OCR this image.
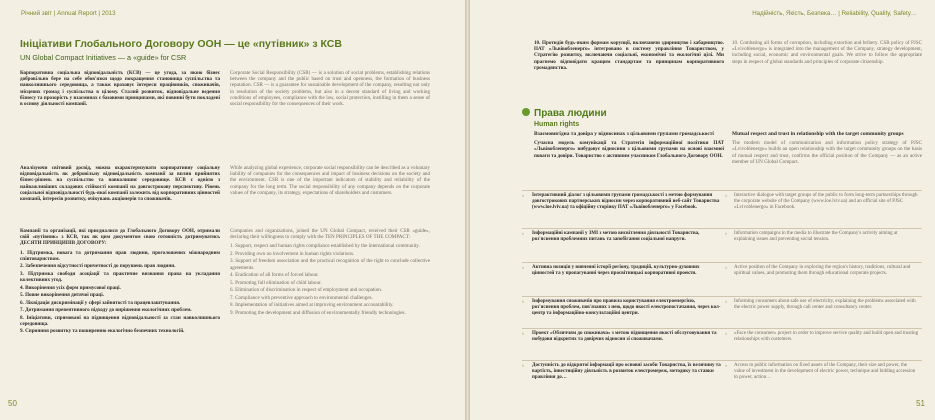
Річний звіт | Annual Report | 2013
Ініціативи Глобального Договору ООН — це «путівник» з КСВ
UN Global Compact Initiatives — a «guide» for CSR

Корпоративна соціальна відповідальність (КСВ) — це угода, за якою бізнес добровільно бере на себе обов'язки щодо покращення становища суспільства та навколишнього середовища, а також враховує інтереси працівників, споживачів, місцевих громад і суспільства в цілому. Сталий розвиток, відповідальне ведення бізнесу та прозорість у взаєминах є базовими принципами, які повинні бути покладені в основу діяльності компанії.

Corporate Social Responsibility (CSR) — is a solution of social problems, establishing relations between the company and the public based on trust and openness, the formation of business reputation. CSR — is a guarantee for sustainable development of the company, resulting not only in resolution of the society problems, but also in a decent standard of living and working conditions of employees, compliance with the law, social protection, instilling in them a sense of social responsibility for the consequences of their work.

Аналізуючи світовий досвід, можна охарактеризувати корпоративну соціальну відповідальність як добровільну відповідальність компанії за вплив прийнятих бізнес-рішень на суспільство та навколишнє середовище. КСВ є однією з найважливіших складових стійкості компанії на довгострокову перспективу. Рівень соціальної відповідальності будь-якої компанії залежить від корпоративних цінностей компанії, інтересів розвитку, очікувань акціонерів та споживачів.

While analyzing global experience, corporate social responsibility can be described as a voluntary liability of companies for the consequences and impact of business decisions on the society and the environment. CSR is one of the important indicators of stability and reliability of the company for the long term. The social responsibility of any company depends on the corporate values of the company, its strategy, expectations of shareholders and customers.

Компанії та організації, які приєдналися до Глобального Договору ООН, отримали свій «путівник» з КСВ, так як цим документом свою готовність дотримуватись ДЕСЯТИ ПРИНЦИПІВ ДОГОВОРУ:

1. Підтримка, повага та дотримання прав людини, проголошених міжнародним співтовариством.
2. Забезпечення відсутності причетності до порушень прав людини.
3. Підтримка свободи асоціації та практичне визнання права на укладання колективних угод.
4. Викорінення усіх форм примусової праці.
5. Повне викорінення дитячої праці.
6. Ліквідація дискримінації у сфері зайнятості та працевлаштування.
7. Дотримання превентивного підходу до вирішення екологічних проблем.
8. Ініціативи, спрямовані на підвищення відповідальності за стан навколишнього середовища.
9. Сприяння розвитку та поширенню екологічно безпечних технологій.

Companies and organizations, joined the UN Global Compact, received their CSR «guide», declaring their willingness to comply with the TEN PRINCIPLES OF THE COMPACT:

1. Support, respect and human rights compliance established by the international community.
2. Providing own no involvement in human rights violations.
3. Support of freedom association and the practical recognition of the right to conclude collective agreements.
4. Eradication of all forms of forced labour.
5. Promoting full elimination of child labour.
6. Elimination of discrimination in respect of employment and occupation.
7. Compliance with preventive approach to environmental challenges.
8. Implementation of initiatives aimed at improving environment accountability.
9. Promoting the development and diffusion of environmentally friendly technologies.
50
Надійність, Якість, Безпека… | Reliability, Quality, Safety…

10. Протидія будь-яким формам корупції, включаючи здирництво і хабарництво. ПАТ «Львівобленерго» інтегровано в систему управління Товариством, у Стратегію розвитку, включаючи соціальні, економічні та екологічні цілі. Ми прагнемо відповідати кращим стандартам та принципам корпоративного громадянства.

10. Combating all forms of corruption, including extortion and bribery. CSR policy of PJSC «Lvivoblenergo» is integrated into the management of the Company, strategy development, including social, economic and environmental goals. We strive to follow the appropriate steps in respect of global standards and principles of corporate citizenship.

Права людини
Human rights

Взаємовигідна та довіра у відносинах з цільовими групами громадськості

Сучасна модель комунікації та Стратегія інформаційної політики ПАТ «Львівобленерго» вибудовує відносини з цільовими групами на основі взаємної поваги та довіри. Товариство є активним учасником Глобального Договору ООН.

Mutual respect and trust in relationship with the target community groups

The modern model of communication and information policy strategy of PJSC «Lvivoblenergo» builds an open relationship with the target community groups on the basis of mutual respect and trust, confirms the official position of the Company — as an active member of UN Global Compact.

› Інтерактивний діалог з цільовими групами громадськості з метою формування довгострокових партнерських відносин через корпоративний веб-сайт Товариства (www.loe.lviv.ua) та офіційну сторінку ПАТ «Львівобленерго» у Facebook.
› Interactive dialogue with target groups of the public to form long-term partnerships through the corporate website of the Company (www.loe.lviv.ua) and an official site of PJSC «Lvivoblenergo» in Facebook.
› Інформаційні кампанії у ЗМІ з метою висвітлення діяльності Товариства, роз'яснення проблемних питань та запобігання соціальної напруги.
› Information campaigns in the media to illustrate the Company's activity aiming at explaining issues and preventing social tension.
› Активна позиція у вивченні історії регіону, традицій, культурно-духовних цінностей та у пропагуванні через просвітницькі корпоративні проекти.
› Active position of the Company in exploring the region's history, traditions, cultural and spiritual values, and promoting them through educational corporate projects.
› Інформування споживачів про правила користування електроенергією, роз'яснення проблем, пов'язаних з нею, щодо якості електропостачання, через кол-центр та інформаційно-консультаційні центри.
› Informing consumers about safe use of electricity, explaining the problems associated with the electric power supply, through call center and consultancy center.
› Проект «Обличчям до споживача» з метою підвищення якості обслуговування та побудови відкритих та довірчих відносин зі споживачами.
› «Face the consumer» project in order to improve service quality and build open and trusting relationships with customers.
› Доступність до відкритої інформації про основні засоби Товариства, їх величину та вартість, інвестиційну діяльність в розвиток електромереж, методику та ставки правління до…
› Access to public information on fixed assets of the Company, their size and power, the value of investment in the development of electric power, technique and bidding accession to power, action…
51
